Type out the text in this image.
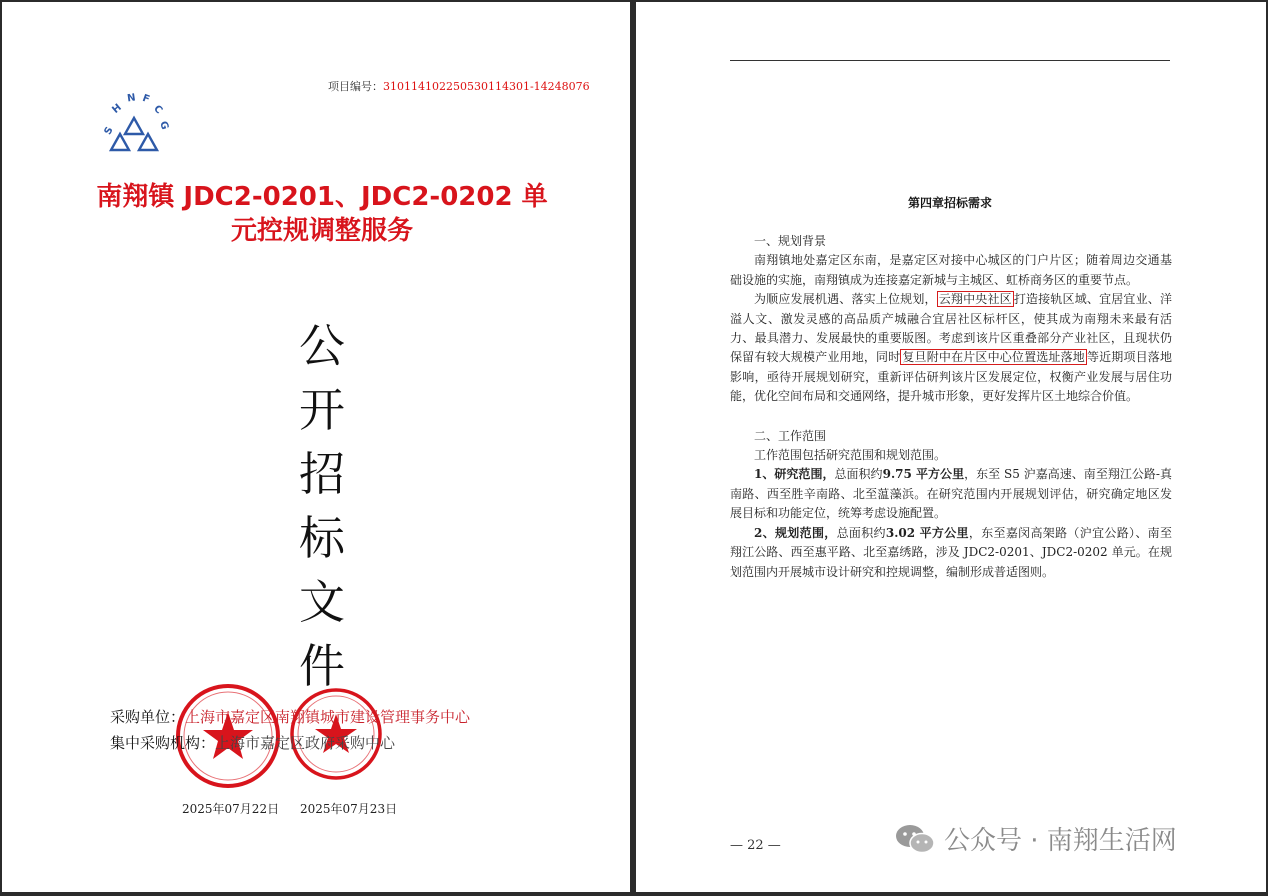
项目编号：310114102250530114301-14248076
S
H
N F
C
G
南翔镇 JDC2-0201、JDC2-0202 单
元控规调整服务
公
开
招
标
文
件
采购单位：上海市嘉定区南翔镇城市建设管理事务中心
集中采购机构：上海市嘉定区政府采购中心
2025年07月22日 2025年07月23日
第四章招标需求

一、规划背景

南翔镇地处嘉定区东南，是嘉定区对接中心城区的门户片区；随着周边交通基础设施的实施，南翔镇成为连接嘉定新城与主城区、虹桥商务区的重要节点。

为顺应发展机遇、落实上位规划， 云翔中央社区 打造接轨区域、宜居宜业、洋溢人文、激发灵感的高品质产城融合宜居社区标杆区，使其成为南翔未来最有活力、最具潜力、发展最快的重要版图。考虑到该片区重叠部分产业社区，且现状仍保留有较大规模产业用地，同时 复旦附中在片区中心位置选址落地 等近期项目落地影响，亟待开展规划研究，重新评估研判该片区发展定位，权衡产业发展与居住功能，优化空间布局和交通网络，提升城市形象，更好发挥片区土地综合价值。

二、工作范围

工作范围包括研究范围和规划范围。

1、研究范围，总面积约9.75 平方公里，东至 S5 沪嘉高速、南至翔江公路-真南路、西至胜辛南路、北至蕰藻浜。在研究范围内开展规划评估，研究确定地区发展目标和功能定位，统筹考虑设施配置。

2、规划范围，总面积约3.02 平方公里，东至嘉闵高架路（沪宜公路）、南至翔江公路、西至惠平路、北至嘉绣路，涉及 JDC2-0201、JDC2-0202 单元。在规划范围内开展城市设计研究和控规调整，编制形成普适图则。

— 22 —	公众号 · 南翔生活网
